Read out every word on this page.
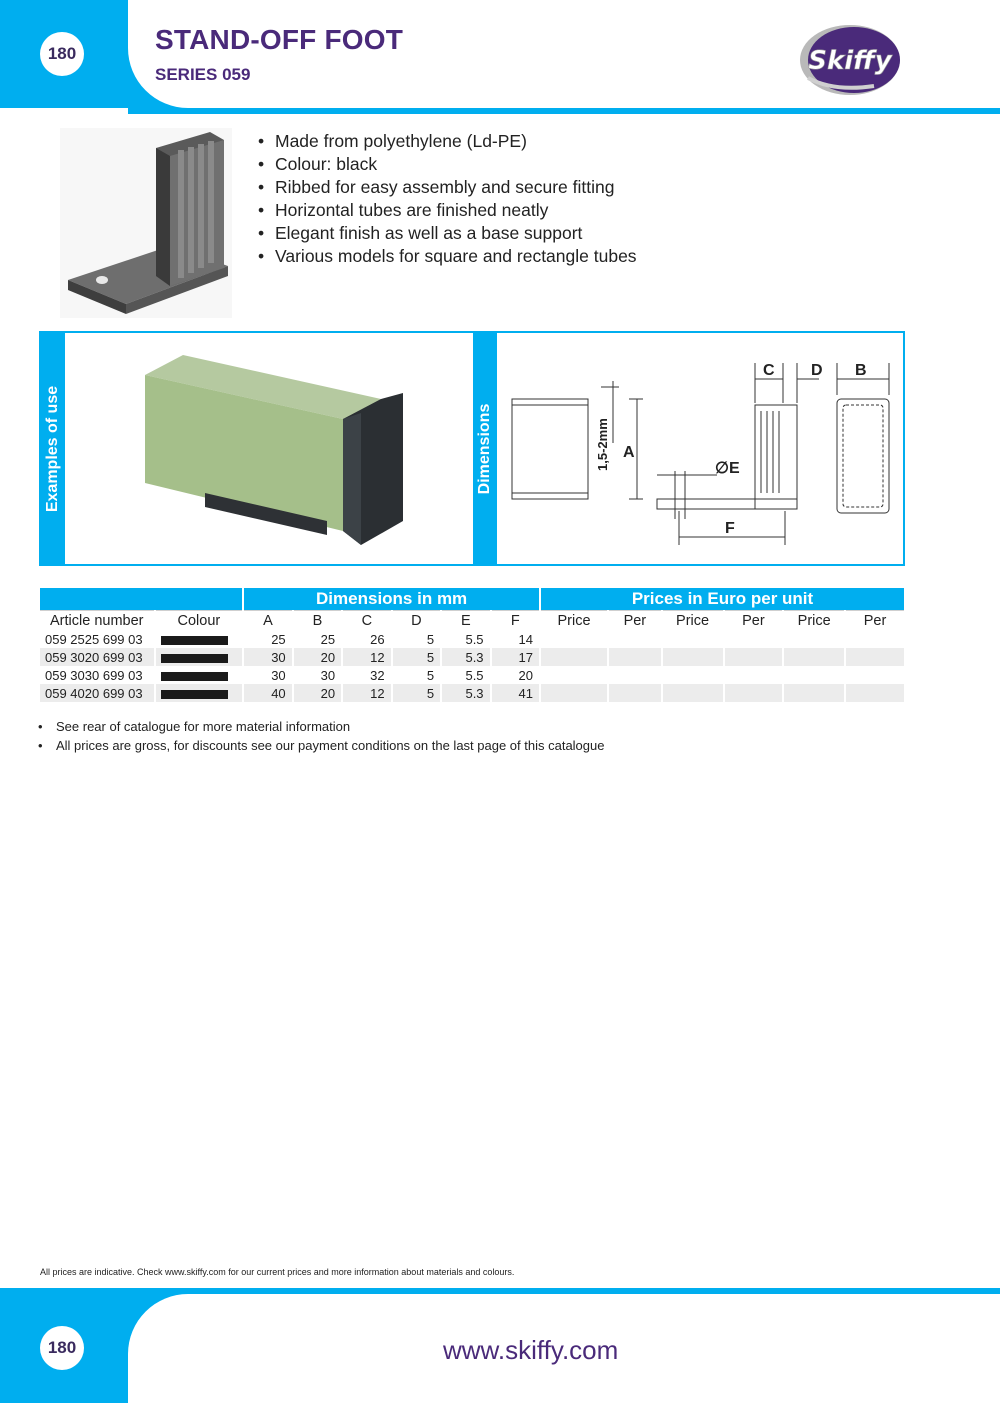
180	STAND-OFF FOOT
SERIES 059	Skiffy
• Made from polyethylene (Ld-PE)
• Colour: black
• Ribbed for easy assembly and secure fitting
• Horizontal tubes are finished neatly
• Elegant finish as well as a base support
• Various models for square and rectangle tubes
Examples of use	Dimensions
C D B
A
∅E
F
1,5-2mm
		Dimensions in mm						Prices in Euro per unit					
Article number	Colour	A	B	C	D	E	F	Price	Per	Price	Per	Price	Per
059 2525 699 03		25	25	26	5	5.5	14						
059 3020 699 03		30	20	12	5	5.3	17						
059 3030 699 03		30	30	32	5	5.5	20						
059 4020 699 03		40	20	12	5	5.3	41						
• See rear of catalogue for more material information
• All prices are gross, for discounts see our payment conditions on the last page of this catalogue
All prices are indicative. Check www.skiffy.com for our current prices and more information about materials and colours.
180	www.skiffy.com
